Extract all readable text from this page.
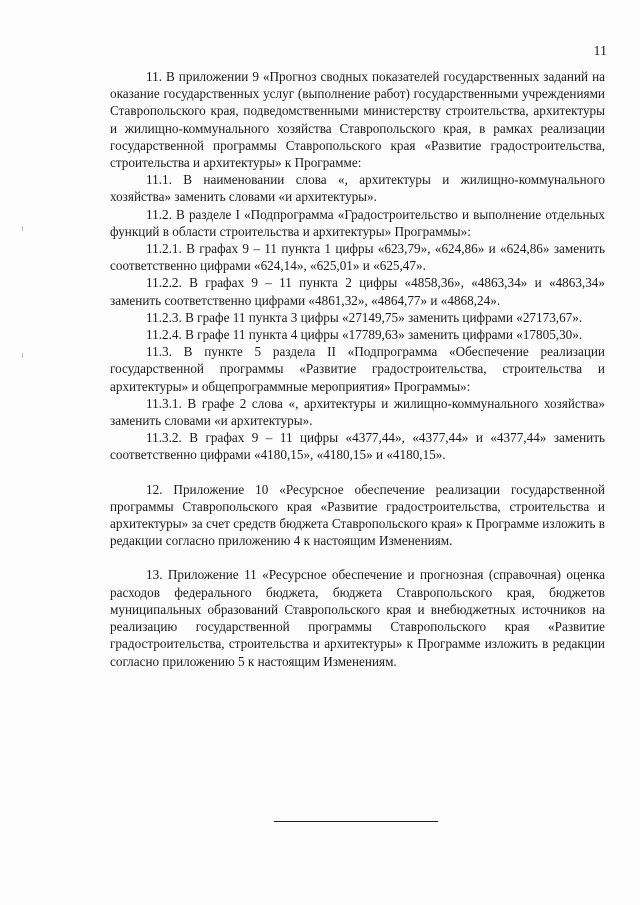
11

11. В приложении 9 «Прогноз сводных показателей государственных заданий на оказание государственных услуг (выполнение работ) государственными учреждениями Ставропольского края, подведомственными министерству строительства, архитектуры и жилищно-коммунального хозяйства Ставропольского края, в рамках реализации государственной программы Ставропольского края «Развитие градостроительства, строительства и архитектуры» к Программе:

11.1. В наименовании слова «, архитектуры и жилищно-коммунального хозяйства» заменить словами «и архитектуры».

11.2. В разделе I «Подпрограмма «Градостроительство и выполнение отдельных функций в области строительства и архитектуры» Программы»:

11.2.1. В графах 9 – 11 пункта 1 цифры «623,79», «624,86» и «624,86» заменить соответственно цифрами «624,14», «625,01» и «625,47».

11.2.2. В графах 9 – 11 пункта 2 цифры «4858,36», «4863,34» и «4863,34» заменить соответственно цифрами «4861,32», «4864,77» и «4868,24».

11.2.3. В графе 11 пункта 3 цифры «27149,75» заменить цифрами «27173,67».

11.2.4. В графе 11 пункта 4 цифры «17789,63» заменить цифрами «17805,30».

11.3. В пункте 5 раздела II «Подпрограмма «Обеспечение реализации государственной программы «Развитие градостроительства, строительства и архитектуры» и общепрограммные мероприятия» Программы»:

11.3.1. В графе 2 слова «, архитектуры и жилищно-коммунального хозяйства» заменить словами «и архитектуры».

11.3.2. В графах 9 – 11 цифры «4377,44», «4377,44» и «4377,44» заменить соответственно цифрами «4180,15», «4180,15» и «4180,15».

12. Приложение 10 «Ресурсное обеспечение реализации государственной программы Ставропольского края «Развитие градостроительства, строительства и архитектуры» за счет средств бюджета Ставропольского края» к Программе изложить в редакции согласно приложению 4 к настоящим Изменениям.

13. Приложение 11 «Ресурсное обеспечение и прогнозная (справочная) оценка расходов федерального бюджета, бюджета Ставропольского края, бюджетов муниципальных образований Ставропольского края и внебюджетных источников на реализацию государственной программы Ставропольского края «Развитие градостроительства, строительства и архитектуры» к Программе изложить в редакции согласно приложению 5 к настоящим Изменениям.
